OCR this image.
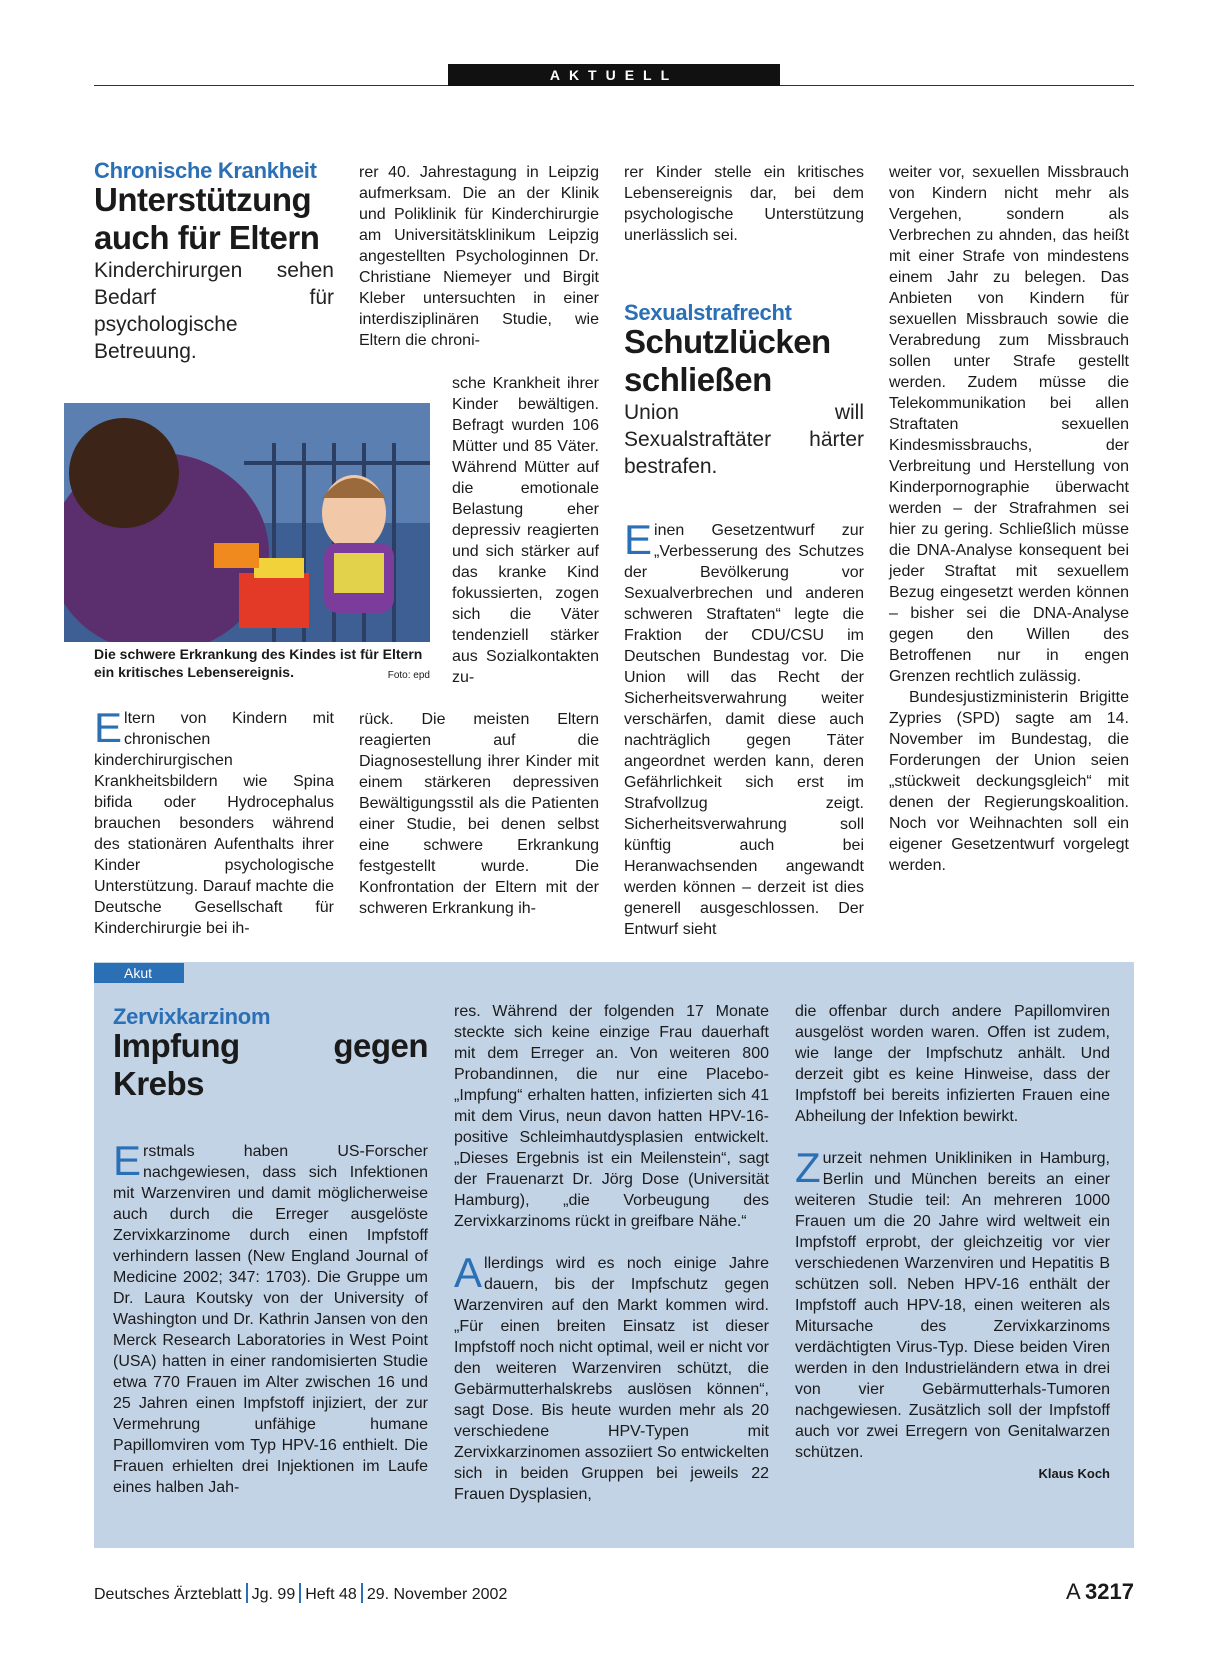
AKTUELL

Chronische Krankheit

Unterstützung auch für Eltern

Kinderchirurgen sehen Bedarf für psychologische Betreuung.

Die schwere Erkrankung des Kindes ist für Eltern ein kritisches Lebensereignis.	Foto: epd

Eltern von Kindern mit chronischen kinderchirurgischen Krankheitsbildern wie Spina bifida oder Hydrocephalus brauchen besonders während des stationären Aufenthalts ihrer Kinder psychologische Unterstützung. Darauf machte die Deutsche Gesellschaft für Kinderchirurgie bei ih-

rer 40. Jahrestagung in Leipzig aufmerksam. Die an der Klinik und Poliklinik für Kinderchirurgie am Universitätsklinikum Leipzig angestellten Psychologinnen Dr. Christiane Niemeyer und Birgit Kleber untersuchten in einer interdisziplinären Studie, wie Eltern die chroni-

sche Krankheit ihrer Kinder bewältigen. Befragt wurden 106 Mütter und 85 Väter. Während Mütter auf die emotionale Belastung eher depressiv reagierten und sich stärker auf das kranke Kind fokussierten, zogen sich die Väter tendenziell stärker aus Sozialkontakten zu-

rück. Die meisten Eltern reagierten auf die Diagnosestellung ihrer Kinder mit einem stärkeren depressiven Bewältigungsstil als die Patienten einer Studie, bei denen selbst eine schwere Erkrankung festgestellt wurde. Die Konfrontation der Eltern mit der schweren Erkrankung ih-

rer Kinder stelle ein kritisches Lebensereignis dar, bei dem psychologische Unterstützung unerlässlich sei.

Sexualstrafrecht

Schutzlücken schließen

Union will Sexualstraftäter härter bestrafen.

Einen Gesetzentwurf zur „Verbesserung des Schutzes der Bevölkerung vor Sexualverbrechen und anderen schweren Straftaten“ legte die Fraktion der CDU/CSU im Deutschen Bundestag vor. Die Union will das Recht der Sicherheitsverwahrung weiter verschärfen, damit diese auch nachträglich gegen Täter angeordnet werden kann, deren Gefährlichkeit sich erst im Strafvollzug zeigt. Sicherheitsverwahrung soll künftig auch bei Heranwachsenden angewandt werden können – derzeit ist dies generell ausgeschlossen. Der Entwurf sieht

weiter vor, sexuellen Missbrauch von Kindern nicht mehr als Vergehen, sondern als Verbrechen zu ahnden, das heißt mit einer Strafe von mindestens einem Jahr zu belegen. Das Anbieten von Kindern für sexuellen Missbrauch sowie die Verabredung zum Missbrauch sollen unter Strafe gestellt werden. Zudem müsse die Telekommunikation bei allen Straftaten sexuellen Kindesmissbrauchs, der Verbreitung und Herstellung von Kinderpornographie überwacht werden – der Strafrahmen sei hier zu gering. Schließlich müsse die DNA-Analyse konsequent bei jeder Straftat mit sexuellem Bezug eingesetzt werden können – bisher sei die DNA-Analyse gegen den Willen des Betroffenen nur in engen Grenzen rechtlich zulässig.

Bundesjustizministerin Brigitte Zypries (SPD) sagte am 14. November im Bundestag, die Forderungen der Union seien „stückweit deckungsgleich“ mit denen der Regierungskoalition. Noch vor Weihnachten soll ein eigener Gesetzentwurf vorgelegt werden.

Akut

Zervixkarzinom

Impfung gegen Krebs

Erstmals haben US-Forscher nachgewiesen, dass sich Infektionen mit Warzenviren und damit möglicherweise auch durch die Erreger ausgelöste Zervixkarzinome durch einen Impfstoff verhindern lassen (New England Journal of Medicine 2002; 347: 1703). Die Gruppe um Dr. Laura Koutsky von der University of Washington und Dr. Kathrin Jansen von den Merck Research Laboratories in West Point (USA) hatten in einer randomisierten Studie etwa 770 Frauen im Alter zwischen 16 und 25 Jahren einen Impfstoff injiziert, der zur Vermehrung unfähige humane Papillomviren vom Typ HPV-16 enthielt. Die Frauen erhielten drei Injektionen im Laufe eines halben Jah-

res. Während der folgenden 17 Monate steckte sich keine einzige Frau dauerhaft mit dem Erreger an. Von weiteren 800 Probandinnen, die nur eine Placebo-„Impfung“ erhalten hatten, infizierten sich 41 mit dem Virus, neun davon hatten HPV-16-positive Schleimhautdysplasien entwickelt. „Dieses Ergebnis ist ein Meilenstein“, sagt der Frauenarzt Dr. Jörg Dose (Universität Hamburg), „die Vorbeugung des Zervixkarzinoms rückt in greifbare Nähe.“

Allerdings wird es noch einige Jahre dauern, bis der Impfschutz gegen Warzenviren auf den Markt kommen wird. „Für einen breiten Einsatz ist dieser Impfstoff noch nicht optimal, weil er nicht vor den weiteren Warzenviren schützt, die Gebärmutterhalskrebs auslösen können“, sagt Dose. Bis heute wurden mehr als 20 verschiedene HPV-Typen mit Zervixkarzinomen assoziiert So entwickelten sich in beiden Gruppen bei jeweils 22 Frauen Dysplasien,

die offenbar durch andere Papillomviren ausgelöst worden waren. Offen ist zudem, wie lange der Impfschutz anhält. Und derzeit gibt es keine Hinweise, dass der Impfstoff bei bereits infizierten Frauen eine Abheilung der Infektion bewirkt.

Zurzeit nehmen Unikliniken in Hamburg, Berlin und München bereits an einer weiteren Studie teil: An mehreren 1000 Frauen um die 20 Jahre wird weltweit ein Impfstoff erprobt, der gleichzeitig vor vier verschiedenen Warzenviren und Hepatitis B schützen soll. Neben HPV-16 enthält der Impfstoff auch HPV-18, einen weiteren als Mitursache des Zervixkarzinoms verdächtigten Virus-Typ. Diese beiden Viren werden in den Industrieländern etwa in drei von vier Gebärmutterhals-Tumoren nachgewiesen. Zusätzlich soll der Impfstoff auch vor zwei Erregern von Genitalwarzen schützen.

Klaus Koch

Deutsches Ärzteblatt Jg. 99 Heft 48 29. November 2002	A  3217
